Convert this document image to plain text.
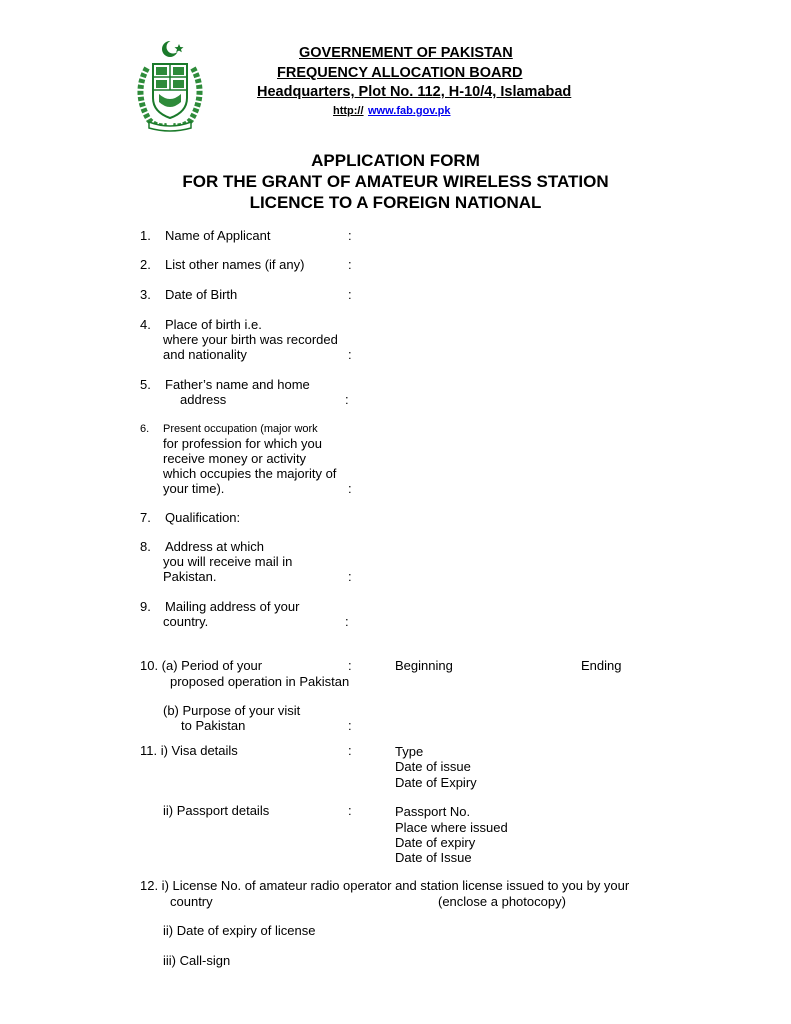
GOVERNEMENT OF PAKISTAN
FREQUENCY ALLOCATION BOARD
Headquarters, Plot No. 112, H-10/4, Islamabad
http:// www.fab.gov.pk
APPLICATION FORM
FOR THE GRANT OF AMATEUR WIRELESS STATION
LICENCE TO A FOREIGN NATIONAL
1. Name of Applicant	:
2. List other names (if any)	:
3. Date of Birth	:
4. Place of birth i.e.
where your birth was recorded
and nationality	:
5. Father’s name and home
address	:
6. Present occupation (major work
for profession for which you
receive money or activity
which occupies the majority of
your time).	:
7. Qualification:
8. Address at which
you will receive mail in
Pakistan.	:
9. Mailing address of your
country.	:
10. (a) Period of your	:	Beginning	Ending
proposed operation in Pakistan
(b) Purpose of your visit
to Pakistan	:
11. i) Visa details	:	Type
Date of issue
Date of Expiry
ii) Passport details	:	Passport No.
Place where issued
Date of expiry
Date of Issue
12. i) License No. of amateur radio operator and station license issued to you by your
country	(enclose a photocopy)
ii) Date of expiry of license
iii) Call-sign
